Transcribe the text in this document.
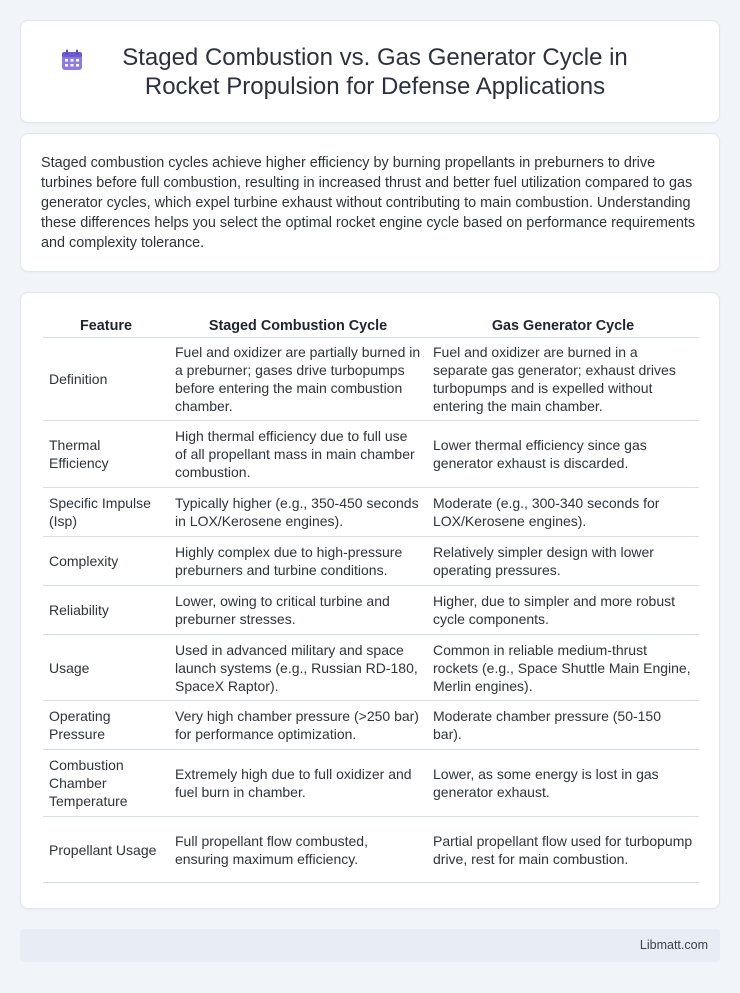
Staged Combustion vs. Gas Generator Cycle in Rocket Propulsion for Defense Applications

Staged combustion cycles achieve higher efficiency by burning propellants in preburners to drive turbines before full combustion, resulting in increased thrust and better fuel utilization compared to gas generator cycles, which expel turbine exhaust without contributing to main combustion. Understanding these differences helps you select the optimal rocket engine cycle based on performance requirements and complexity tolerance.

Feature	Staged Combustion Cycle	Gas Generator Cycle
Definition	Fuel and oxidizer are partially burned in a preburner; gases drive turbopumps before entering the main combustion chamber.	Fuel and oxidizer are burned in a separate gas generator; exhaust drives turbopumps and is expelled without entering the main chamber.
Thermal Efficiency	High thermal efficiency due to full use of all propellant mass in main chamber combustion.	Lower thermal efficiency since gas generator exhaust is discarded.
Specific Impulse (Isp)	Typically higher (e.g., 350-450 seconds in LOX/Kerosene engines).	Moderate (e.g., 300-340 seconds for LOX/Kerosene engines).
Complexity	Highly complex due to high-pressure preburners and turbine conditions.	Relatively simpler design with lower operating pressures.
Reliability	Lower, owing to critical turbine and preburner stresses.	Higher, due to simpler and more robust cycle components.
Usage	Used in advanced military and space launch systems (e.g., Russian RD-180, SpaceX Raptor).	Common in reliable medium-thrust rockets (e.g., Space Shuttle Main Engine, Merlin engines).
Operating Pressure	Very high chamber pressure (>250 bar) for performance optimization.	Moderate chamber pressure (50-150 bar).
Combustion Chamber Temperature	Extremely high due to full oxidizer and fuel burn in chamber.	Lower, as some energy is lost in gas generator exhaust.
Propellant Usage	Full propellant flow combusted, ensuring maximum efficiency.	Partial propellant flow used for turbopump drive, rest for main combustion.
Libmatt.com
